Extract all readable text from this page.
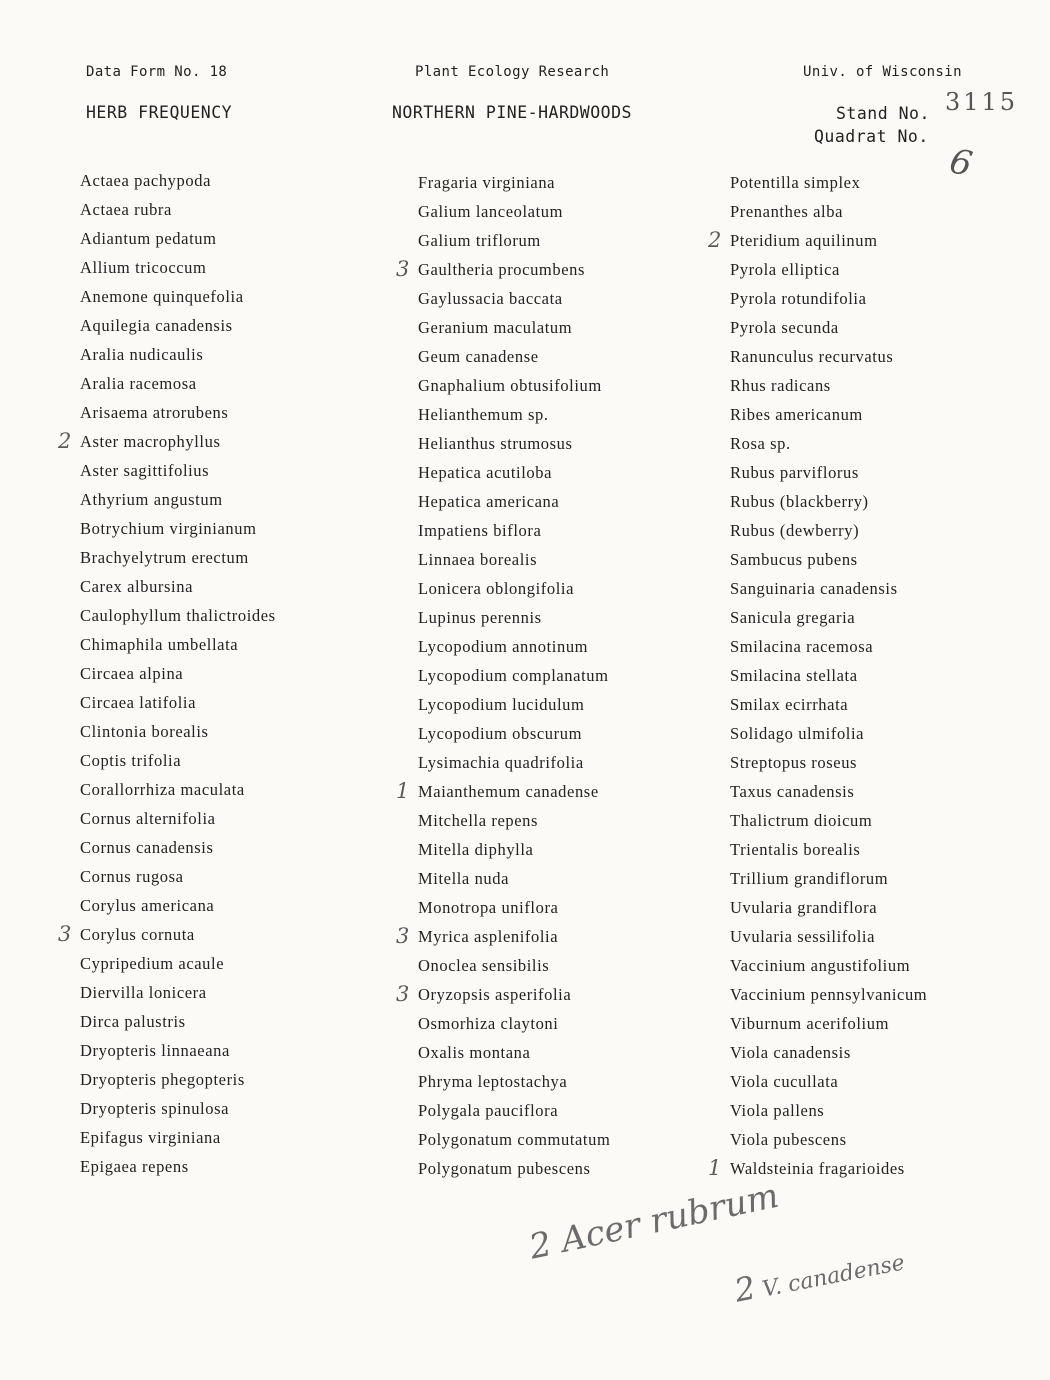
Data Form No. 18	Plant Ecology Research	Univ. of Wisconsin
HERB FREQUENCY	NORTHERN PINE-HARDWOODS	Stand No.
Quadrat No.
3115
6
Actaea pachypoda
Actaea rubra
Adiantum pedatum
Allium tricoccum
Anemone quinquefolia
Aquilegia canadensis
Aralia nudicaulis
Aralia racemosa
Arisaema atrorubens
2 Aster macrophyllus
Aster sagittifolius
Athyrium angustum
Botrychium virginianum
Brachyelytrum erectum
Carex albursina
Caulophyllum thalictroides
Chimaphila umbellata
Circaea alpina
Circaea latifolia
Clintonia borealis
Coptis trifolia
Corallorrhiza maculata
Cornus alternifolia
Cornus canadensis
Cornus rugosa
Corylus americana
3 Corylus cornuta
Cypripedium acaule
Diervilla lonicera
Dirca palustris
Dryopteris linnaeana
Dryopteris phegopteris
Dryopteris spinulosa
Epifagus virginiana
Epigaea repens
Fragaria virginiana
Galium lanceolatum
Galium triflorum
3 Gaultheria procumbens
Gaylussacia baccata
Geranium maculatum
Geum canadense
Gnaphalium obtusifolium
Helianthemum sp.
Helianthus strumosus
Hepatica acutiloba
Hepatica americana
Impatiens biflora
Linnaea borealis
Lonicera oblongifolia
Lupinus perennis
Lycopodium annotinum
Lycopodium complanatum
Lycopodium lucidulum
Lycopodium obscurum
Lysimachia quadrifolia
1 Maianthemum canadense
Mitchella repens
Mitella diphylla
Mitella nuda
Monotropa uniflora
3 Myrica asplenifolia
Onoclea sensibilis
3 Oryzopsis asperifolia
Osmorhiza claytoni
Oxalis montana
Phryma leptostachya
Polygala pauciflora
Polygonatum commutatum
Polygonatum pubescens
Potentilla simplex
Prenanthes alba
2 Pteridium aquilinum
Pyrola elliptica
Pyrola rotundifolia
Pyrola secunda
Ranunculus recurvatus
Rhus radicans
Ribes americanum
Rosa sp.
Rubus parviflorus
Rubus (blackberry)
Rubus (dewberry)
Sambucus pubens
Sanguinaria canadensis
Sanicula gregaria
Smilacina racemosa
Smilacina stellata
Smilax ecirrhata
Solidago ulmifolia
Streptopus roseus
Taxus canadensis
Thalictrum dioicum
Trientalis borealis
Trillium grandiflorum
Uvularia grandiflora
Uvularia sessilifolia
Vaccinium angustifolium
Vaccinium pennsylvanicum
Viburnum acerifolium
Viola canadensis
Viola cucullata
Viola pallens
Viola pubescens
1 Waldsteinia fragarioides
2 Acer rubrum
2 V. canadense
